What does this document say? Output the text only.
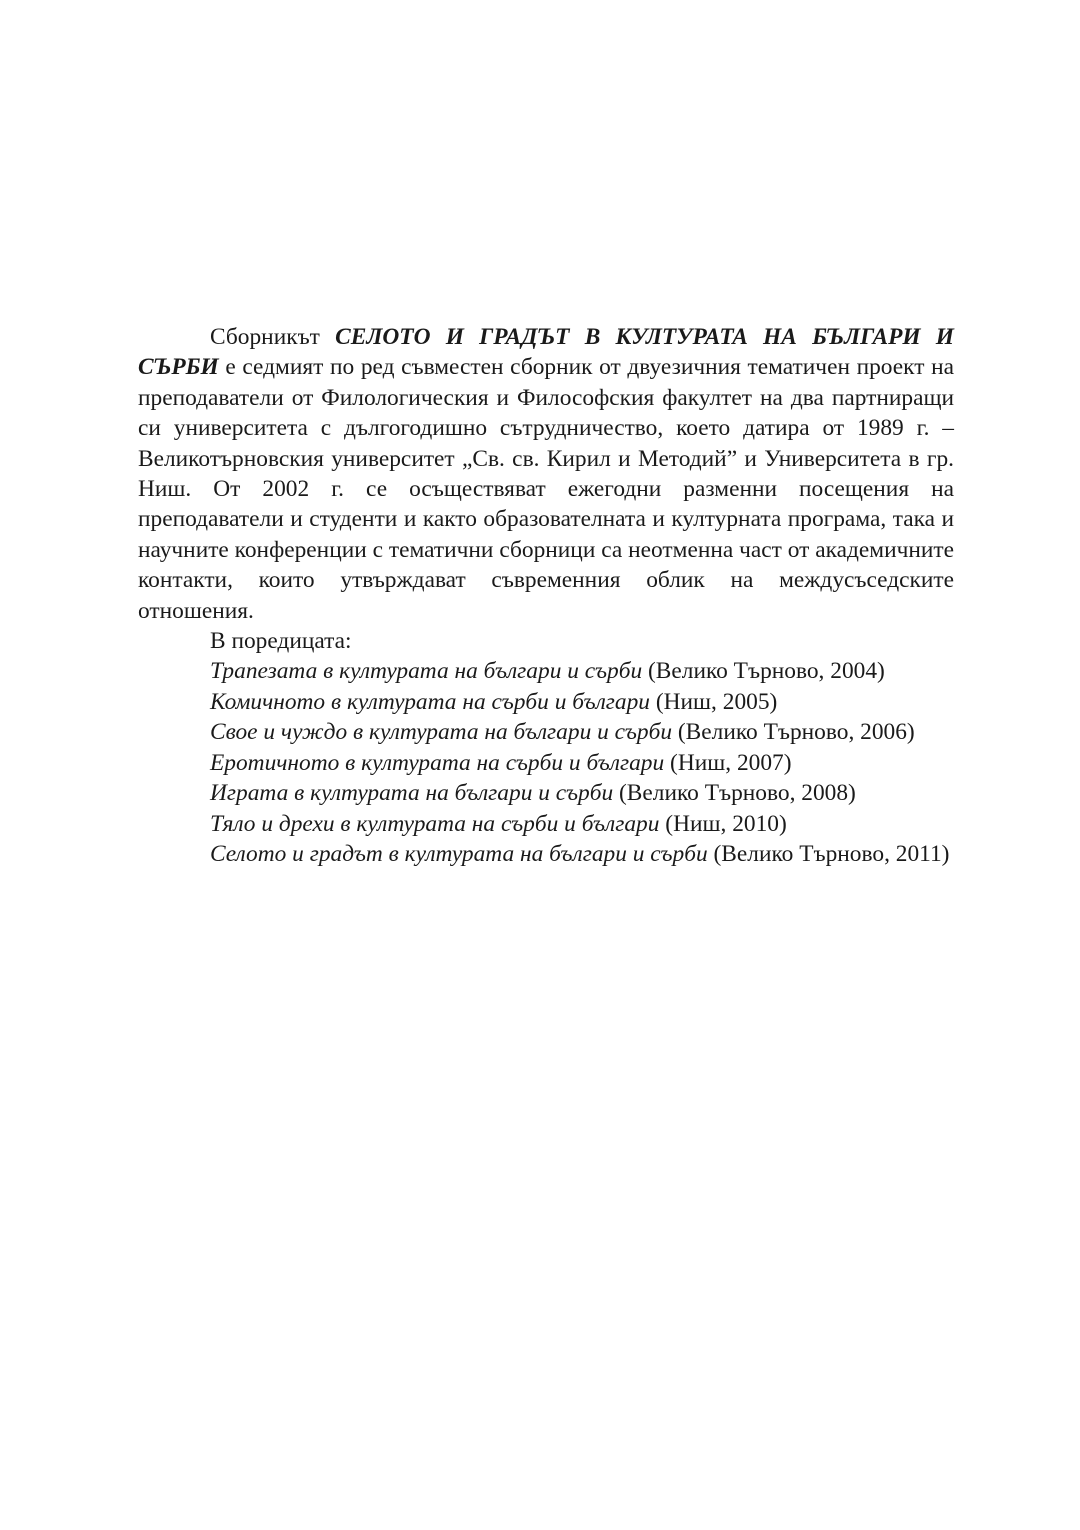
Сборникът СЕЛОТО И ГРАДЪТ В КУЛТУРАТА НА БЪЛГАРИ И СЪРБИ е седмият по ред съвместен сборник от двуезичния тематичен проект на преподаватели от Филологическия и Философския факултет на два партниращи си университета с дългогодишно сътрудничество, което датира от 1989 г. – Великотърновския университет „Св. св. Кирил и Методий” и Университета в гр. Ниш. От 2002 г. се осъществяват ежегодни разменни посещения на преподаватели и студенти и както образователната и културната програма, така и научните конференции с тематични сборници са неотменна част от академичните контакти, които утвърждават съвременния облик на междусъседските отношения.

В поредицата:

Трапезата в културата на българи и сърби (Велико Търново, 2004)
Комичното в културата на сърби и българи (Ниш, 2005)
Свое и чуждо в културата на българи и сърби (Велико Търново, 2006)
Еротичното в културата на сърби и българи (Ниш, 2007)
Играта в културата на българи и сърби (Велико Търново, 2008)
Тяло и дрехи в културата на сърби и българи (Ниш, 2010)
Селото и градът в културата на българи и сърби (Велико Търново, 2011)
